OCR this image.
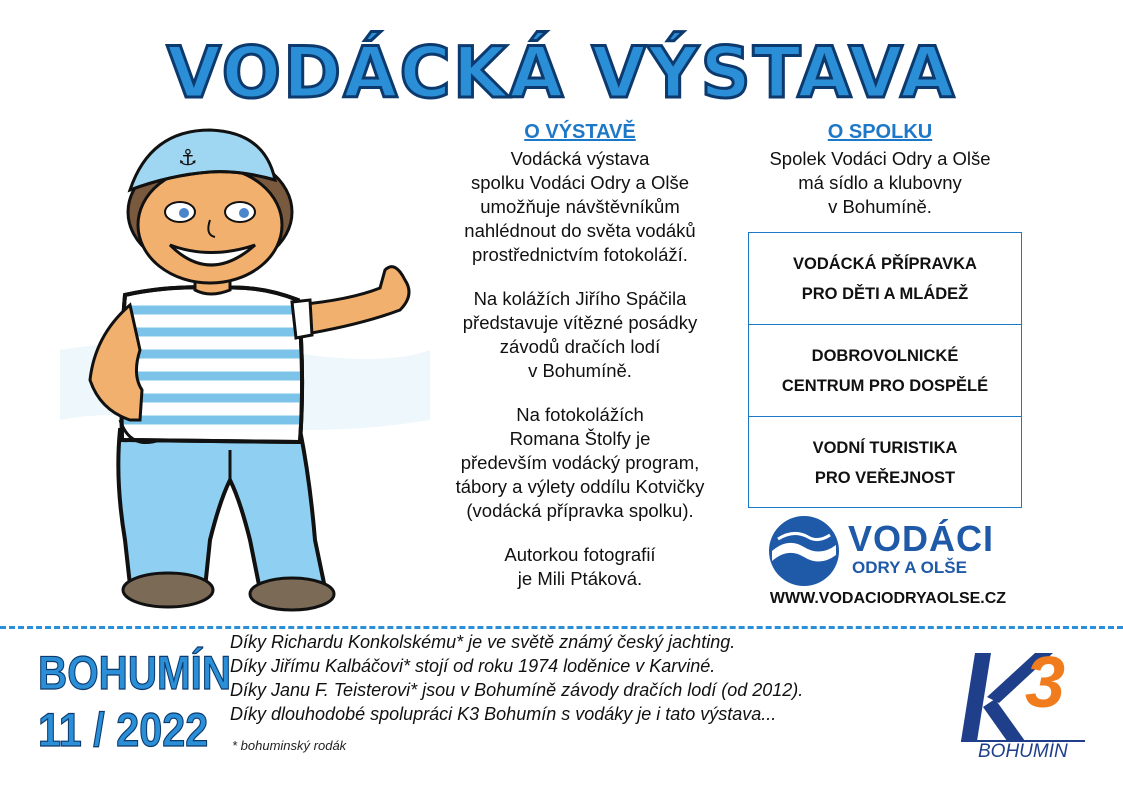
VODÁCKÁ VÝSTAVA
⚓
O VÝSTAVĚ
Vodácká výstava
spolku Vodáci Odry a Olše
umožňuje návštěvníkům
nahlédnout do světa vodáků
prostřednictvím fotokoláží.
Na kolážích Jiřího Spáčila
představuje vítězné posádky
závodů dračích lodí
v Bohumíně.
Na fotokolážích
Romana Štolfy je
především vodácký program,
tábory a výlety oddílu Kotvičky
(vodácká přípravka spolku).
Autorkou fotografií
je Mili Ptáková.
O SPOLKU
Spolek Vodáci Odry a Olše
má sídlo a klubovny
v Bohumíně.
VODÁCKÁ PŘÍPRAVKA
PRO DĚTI A MLÁDEŽ
DOBROVOLNICKÉ
CENTRUM PRO DOSPĚLÉ
VODNÍ TURISTIKA
PRO VEŘEJNOST
VODÁCI
ODRY A OLŠE
WWW.VODACIODRYAOLSE.CZ
BOHUMÍN
11 / 2022
Díky Richardu Konkolskému* je ve světě známý český jachting.
Díky Jiřímu Kalbáčovi* stojí od roku 1974 loděnice v Karviné.
Díky Janu F. Teisterovi* jsou v Bohumíně závody dračích lodí (od 2012).
Díky dlouhodobé spolupráci K3 Bohumín s vodáky je i tato výstava...
* bohuminský rodák
3
BOHUMÍN
